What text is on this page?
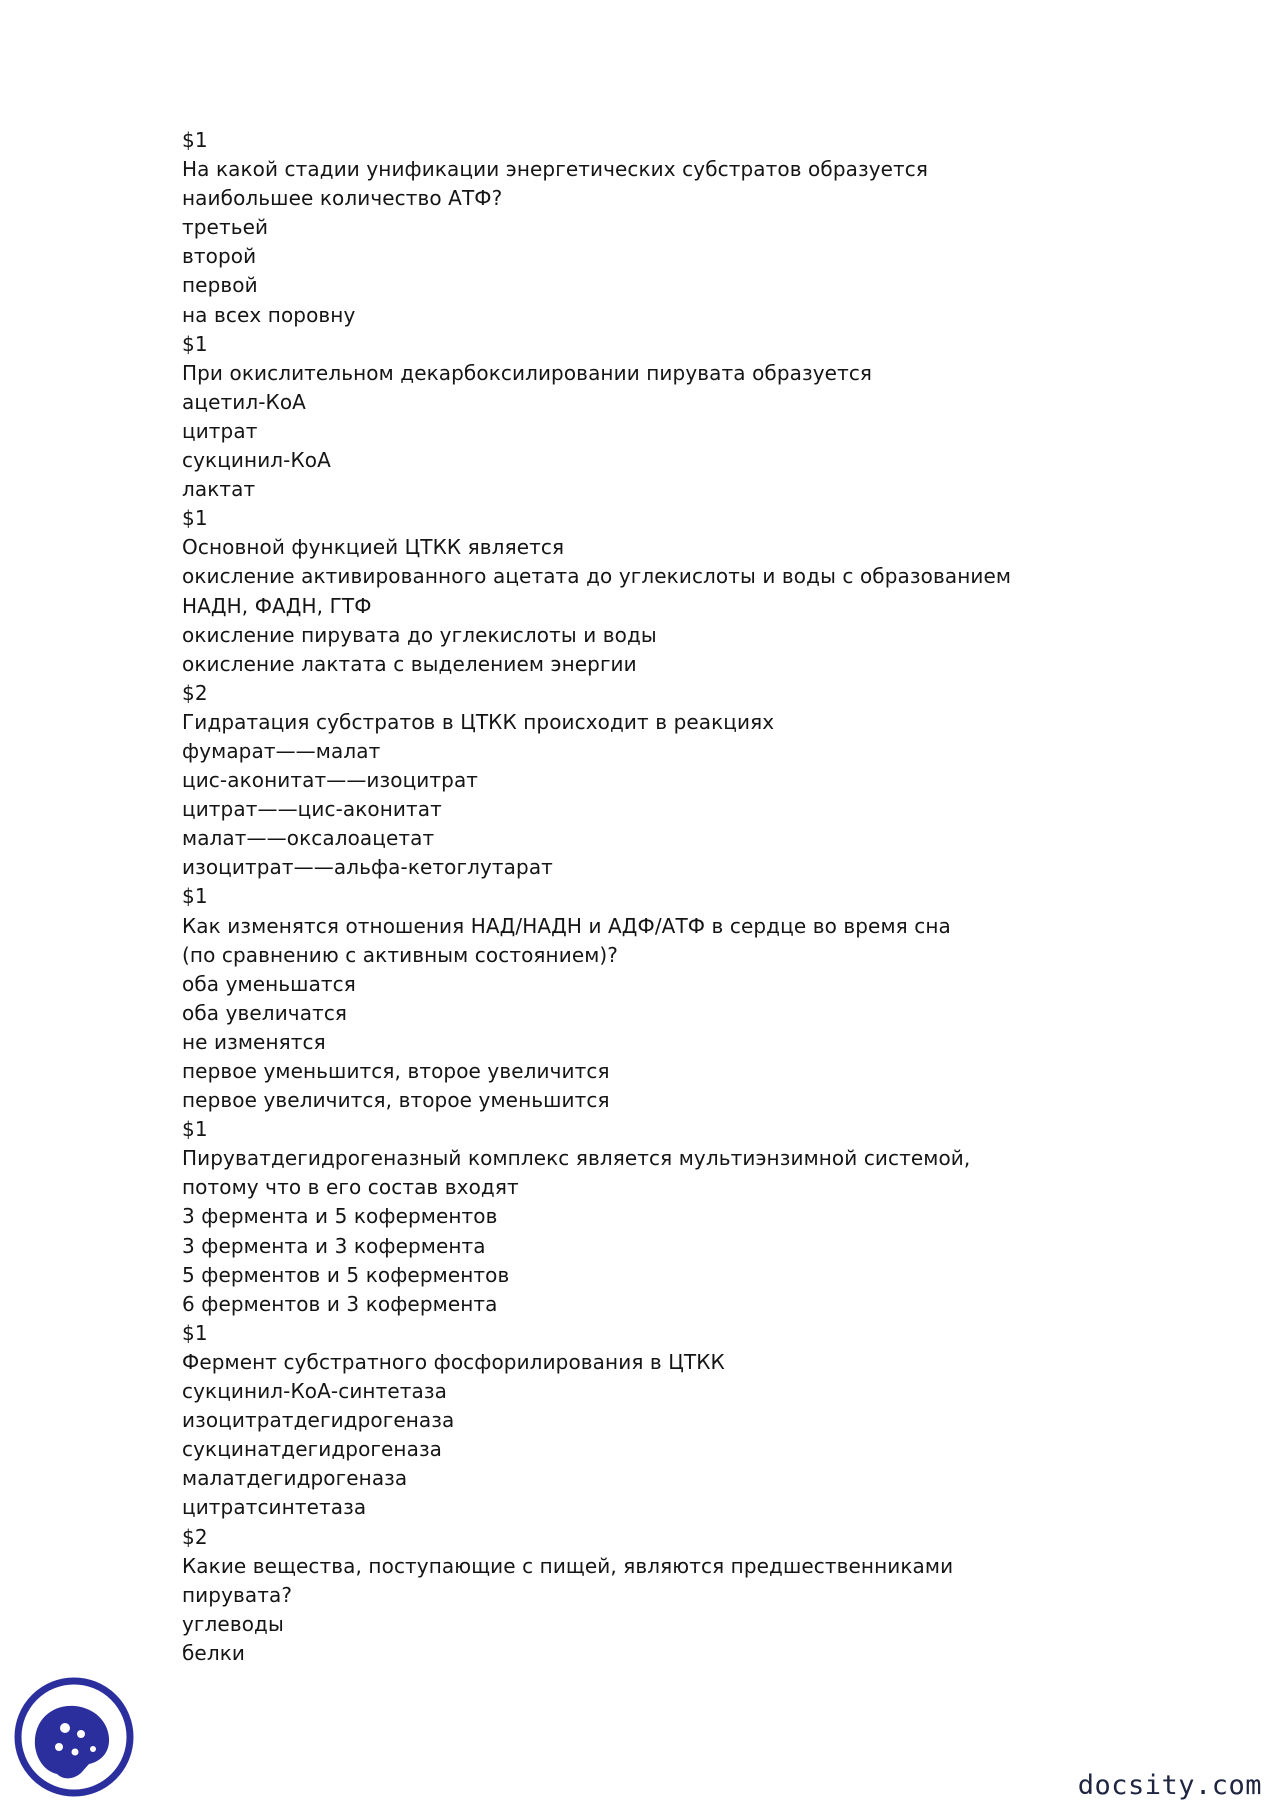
$1
На какой стадии унификации энергетических субстратов образуется
наибольшее количество АТФ?
третьей
второй
первой
на всех поровну
$1
При окислительном декарбоксилировании пирувата образуется
ацетил-КоА
цитрат
сукцинил-КоА
лактат
$1
Основной функцией ЦТКК является
окисление активированного ацетата до углекислоты и воды с образованием
НАДН, ФАДН, ГТФ
окисление пирувата до углекислоты и воды
окисление лактата с выделением энергии
$2
Гидратация субстратов в ЦТКК происходит в реакциях
фумарат——малат
цис-аконитат——изоцитрат
цитрат——цис-аконитат
малат——оксалоацетат
изоцитрат——альфа-кетоглутарат
$1
Как изменятся отношения НАД/НАДН и АДФ/АТФ в сердце во время сна
(по сравнению с активным состоянием)?
оба уменьшатся
оба увеличатся
не изменятся
первое уменьшится, второе увеличится
первое увеличится, второе уменьшится
$1
Пируватдегидрогеназный комплекс является мультиэнзимной системой,
потому что в его состав входят
3 фермента и 5 коферментов
3 фермента и 3 кофермента
5 ферментов и 5 коферментов
6 ферментов и 3 кофермента
$1
Фермент субстратного фосфорилирования в ЦТКК
сукцинил-КоА-синтетаза
изоцитратдегидрогеназа
сукцинатдегидрогеназа
малатдегидрогеназа
цитратсинтетаза
$2
Какие вещества, поступающие с пищей, являются предшественниками
пирувата?
углеводы
белки
docsity.com
